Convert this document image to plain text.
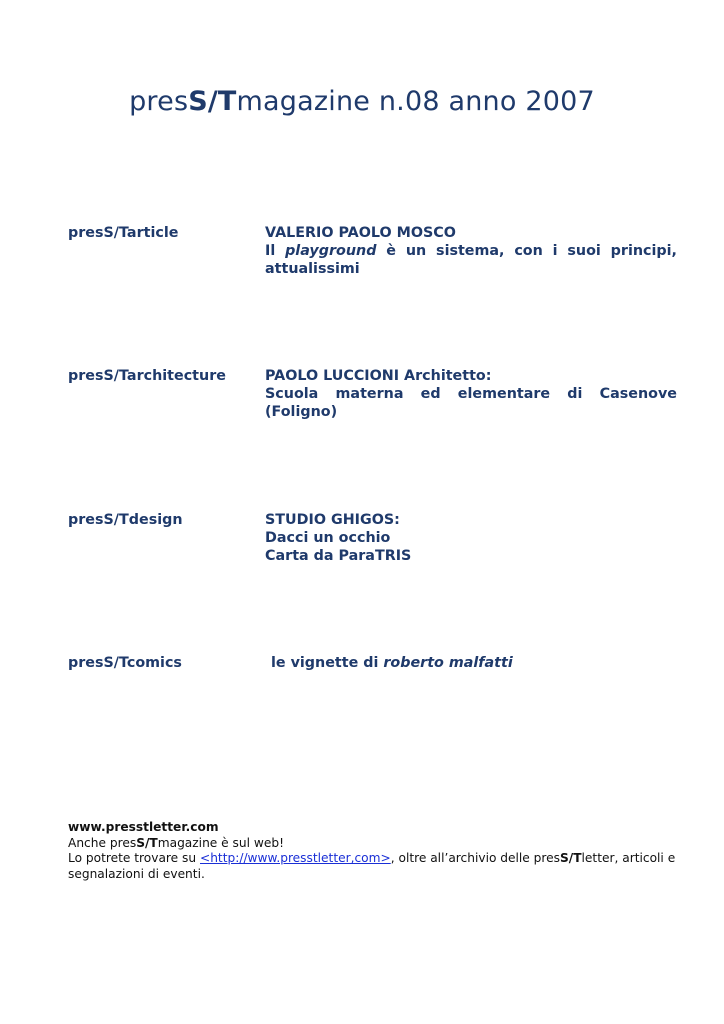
presS/Tmagazine n.08 anno 2007
presS/Tarticle	VALERIO PAOLO MOSCO
Il playground è un sistema, con i suoi principi, attualissimi
presS/Tarchitecture	PAOLO LUCCIONI Architetto:
Scuola materna ed elementare di Casenove (Foligno)
presS/Tdesign	STUDIO GHIGOS:
Dacci un occhio
Carta da ParaTRIS
presS/Tcomics	le vignette di roberto malfatti
www.presstletter.com
Anche presS/Tmagazine è sul web!
Lo potrete trovare su <http://www.presstletter,com>, oltre all’archivio delle presS/Tletter, articoli e segnalazioni di eventi.
